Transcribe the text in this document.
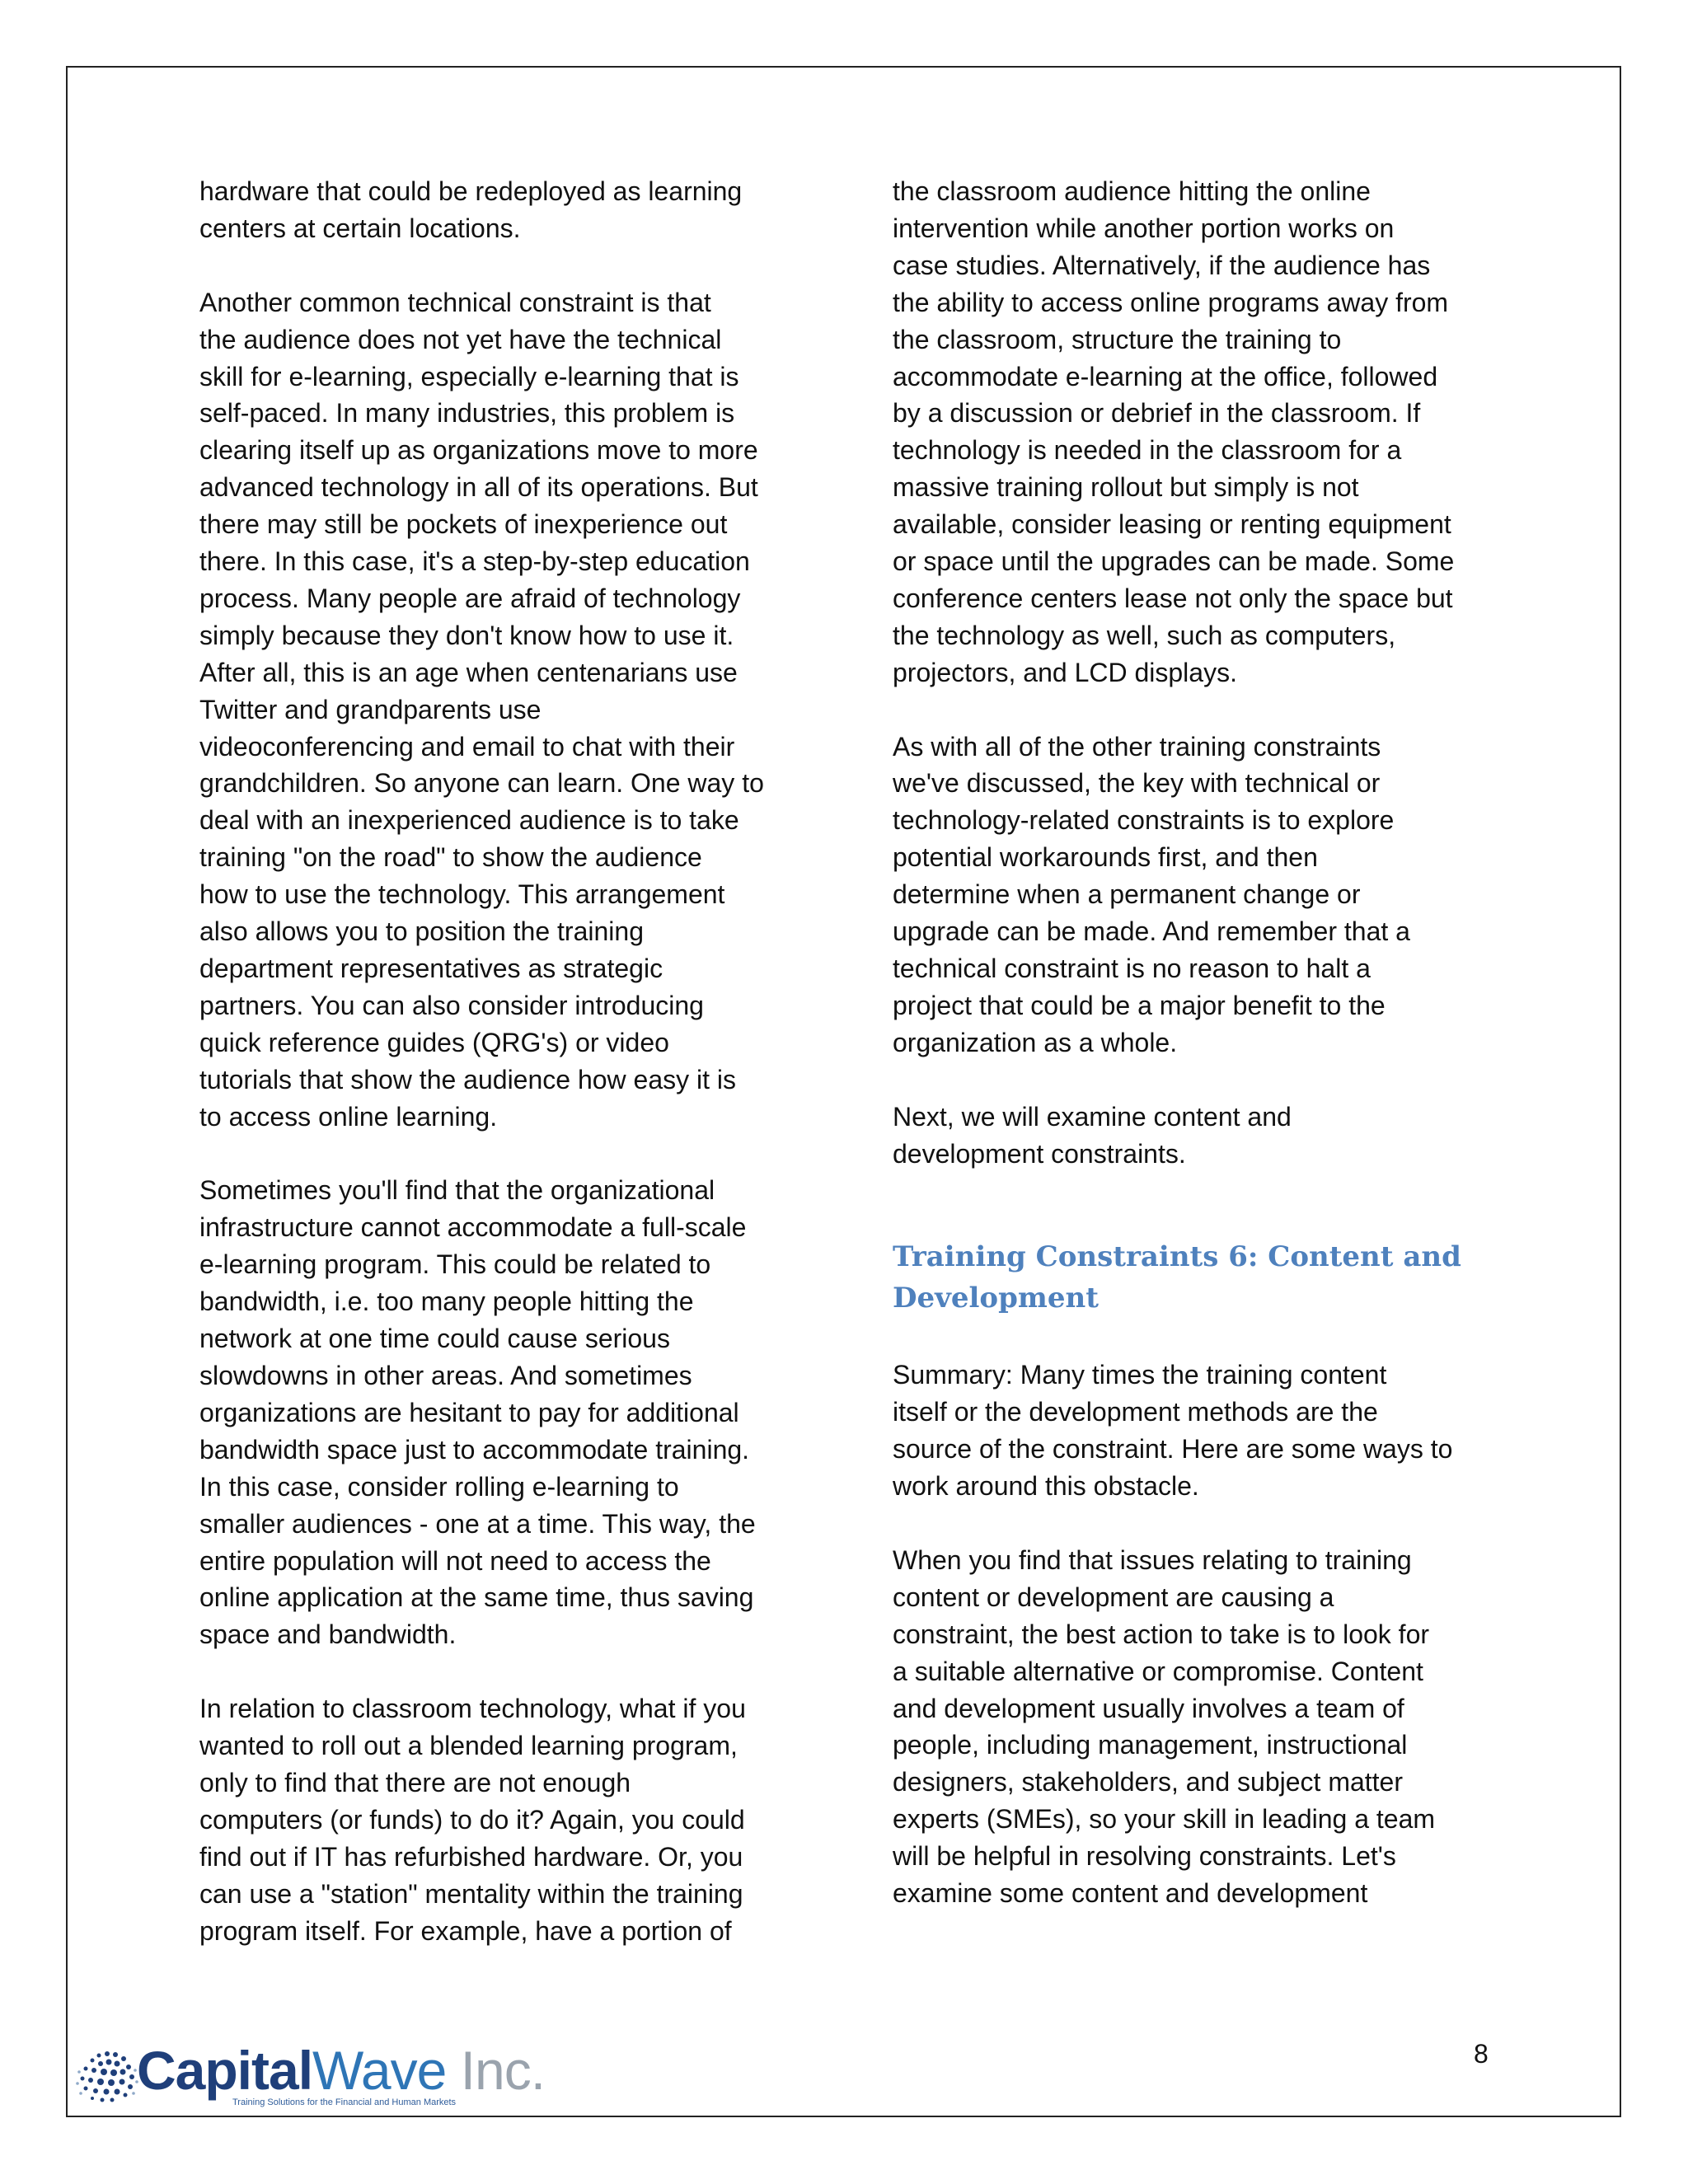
hardware that could be redeployed as learning
centers at certain locations.

Another common technical constraint is that
the audience does not yet have the technical
skill for e-learning, especially e-learning that is
self-paced. In many industries, this problem is
clearing itself up as organizations move to more
advanced technology in all of its operations. But
there may still be pockets of inexperience out
there. In this case, it's a step-by-step education
process. Many people are afraid of technology
simply because they don't know how to use it.
After all, this is an age when centenarians use
Twitter and grandparents use
videoconferencing and email to chat with their
grandchildren. So anyone can learn. One way to
deal with an inexperienced audience is to take
training "on the road" to show the audience
how to use the technology. This arrangement
also allows you to position the training
department representatives as strategic
partners. You can also consider introducing
quick reference guides (QRG's) or video
tutorials that show the audience how easy it is
to access online learning.

Sometimes you'll find that the organizational
infrastructure cannot accommodate a full-scale
e-learning program. This could be related to
bandwidth, i.e. too many people hitting the
network at one time could cause serious
slowdowns in other areas. And sometimes
organizations are hesitant to pay for additional
bandwidth space just to accommodate training.
In this case, consider rolling e-learning to
smaller audiences - one at a time. This way, the
entire population will not need to access the
online application at the same time, thus saving
space and bandwidth.

In relation to classroom technology, what if you
wanted to roll out a blended learning program,
only to find that there are not enough
computers (or funds) to do it? Again, you could
find out if IT has refurbished hardware. Or, you
can use a "station" mentality within the training
program itself. For example, have a portion of

the classroom audience hitting the online
intervention while another portion works on
case studies. Alternatively, if the audience has
the ability to access online programs away from
the classroom, structure the training to
accommodate e-learning at the office, followed
by a discussion or debrief in the classroom. If
technology is needed in the classroom for a
massive training rollout but simply is not
available, consider leasing or renting equipment
or space until the upgrades can be made. Some
conference centers lease not only the space but
the technology as well, such as computers,
projectors, and LCD displays.

As with all of the other training constraints
we've discussed, the key with technical or
technology-related constraints is to explore
potential workarounds first, and then
determine when a permanent change or
upgrade can be made. And remember that a
technical constraint is no reason to halt a
project that could be a major benefit to the
organization as a whole.

Next, we will examine content and
development constraints.

Training Constraints 6: Content and
Development

Summary: Many times the training content
itself or the development methods are the
source of the constraint. Here are some ways to
work around this obstacle.

When you find that issues relating to training
content or development are causing a
constraint, the best action to take is to look for
a suitable alternative or compromise. Content
and development usually involves a team of
people, including management, instructional
designers, stakeholders, and subject matter
experts (SMEs), so your skill in leading a team
will be helpful in resolving constraints. Let's
examine some content and development

8
CapitalWave Inc.
Training Solutions for the Financial and Human Markets
